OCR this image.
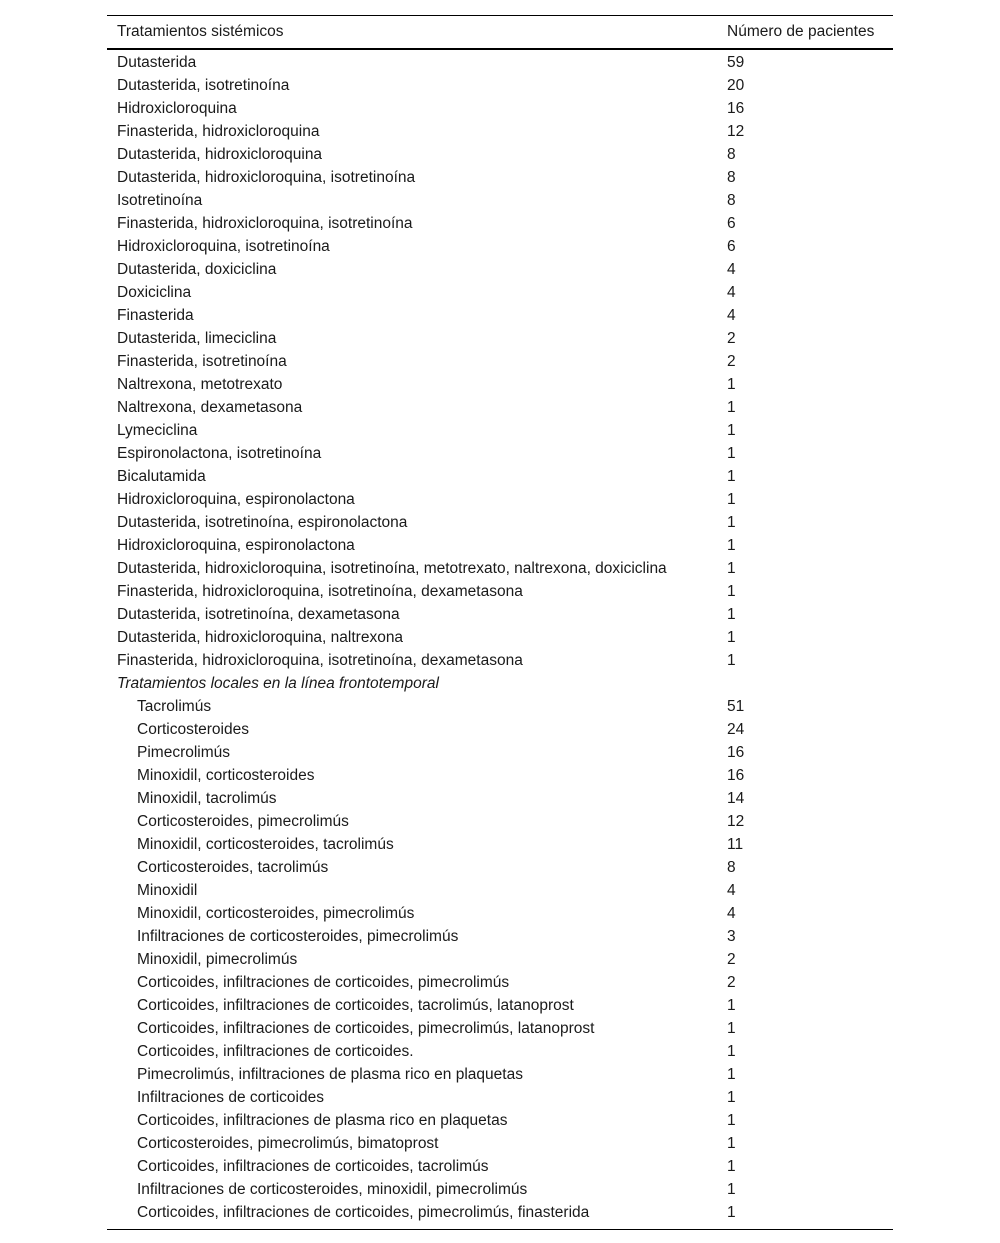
Tratamientos sistémicos	Número de pacientes
Dutasterida	59
Dutasterida, isotretinoína	20
Hidroxicloroquina	16
Finasterida, hidroxicloroquina	12
Dutasterida, hidroxicloroquina	8
Dutasterida, hidroxicloroquina, isotretinoína	8
Isotretinoína	8
Finasterida, hidroxicloroquina, isotretinoína	6
Hidroxicloroquina, isotretinoína	6
Dutasterida, doxiciclina	4
Doxiciclina	4
Finasterida	4
Dutasterida, limeciclina	2
Finasterida, isotretinoína	2
Naltrexona, metotrexato	1
Naltrexona, dexametasona	1
Lymeciclina	1
Espironolactona, isotretinoína	1
Bicalutamida	1
Hidroxicloroquina, espironolactona	1
Dutasterida, isotretinoína, espironolactona	1
Hidroxicloroquina, espironolactona	1
Dutasterida, hidroxicloroquina, isotretinoína, metotrexato, naltrexona, doxiciclina	1
Finasterida, hidroxicloroquina, isotretinoína, dexametasona	1
Dutasterida, isotretinoína, dexametasona	1
Dutasterida, hidroxicloroquina, naltrexona	1
Finasterida, hidroxicloroquina, isotretinoína, dexametasona	1
Tratamientos locales en la línea frontotemporal
Tacrolimús	51
Corticosteroides	24
Pimecrolimús	16
Minoxidil, corticosteroides	16
Minoxidil, tacrolimús	14
Corticosteroides, pimecrolimús	12
Minoxidil, corticosteroides, tacrolimús	11
Corticosteroides, tacrolimús	8
Minoxidil	4
Minoxidil, corticosteroides, pimecrolimús	4
Infiltraciones de corticosteroides, pimecrolimús	3
Minoxidil, pimecrolimús	2
Corticoides, infiltraciones de corticoides, pimecrolimús	2
Corticoides, infiltraciones de corticoides, tacrolimús, latanoprost	1
Corticoides, infiltraciones de corticoides, pimecrolimús, latanoprost	1
Corticoides, infiltraciones de corticoides.	1
Pimecrolimús, infiltraciones de plasma rico en plaquetas	1
Infiltraciones de corticoides	1
Corticoides, infiltraciones de plasma rico en plaquetas	1
Corticosteroides, pimecrolimús, bimatoprost	1
Corticoides, infiltraciones de corticoides, tacrolimús	1
Infiltraciones de corticosteroides, minoxidil, pimecrolimús	1
Corticoides, infiltraciones de corticoides, pimecrolimús, finasterida	1
